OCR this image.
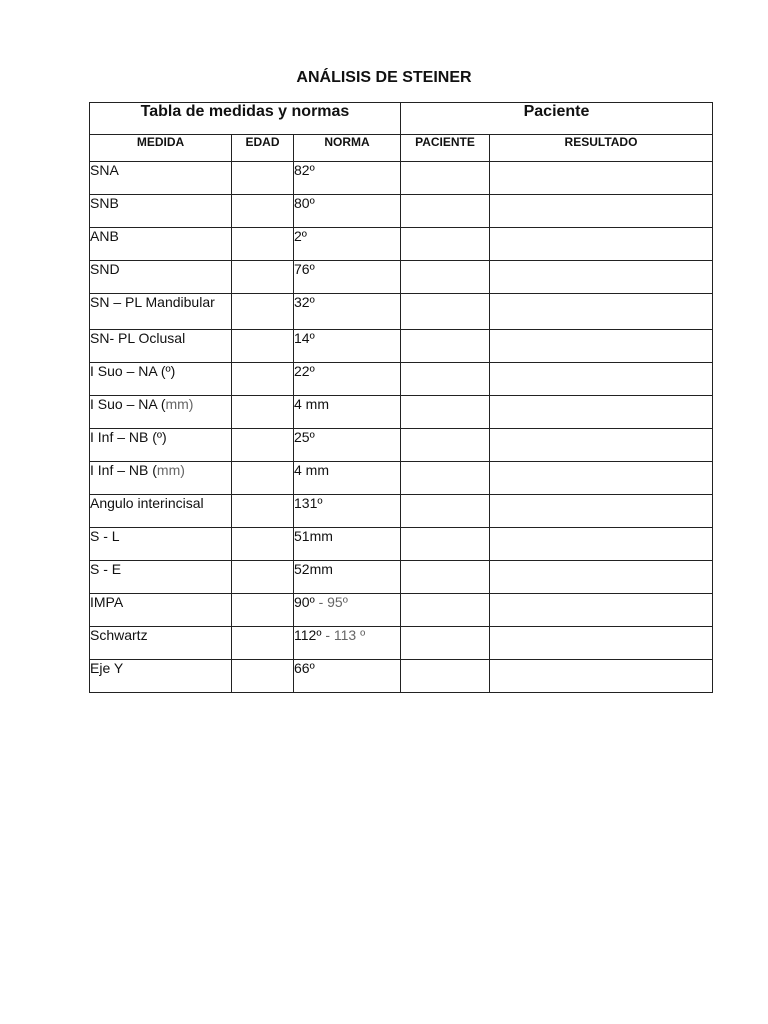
ANÁLISIS DE STEINER
Tabla de medidas y normas			Paciente	
MEDIDA	EDAD	NORMA	PACIENTE	RESULTADO
SNA		82º		
SNB		80º		
ANB		2º		
SND		76º		
SN – PL Mandibular		32º		
SN- PL Oclusal		14º		
I Suo – NA (º)		22º		
I Suo – NA (mm)		4 mm		
I Inf – NB (º)		25º		
I Inf – NB (mm)		4 mm		
Angulo interincisal		131º		
S - L		51mm		
S - E		52mm		
IMPA		90º - 95º		
Schwartz		112º - 113 º		
Eje Y		66º		
